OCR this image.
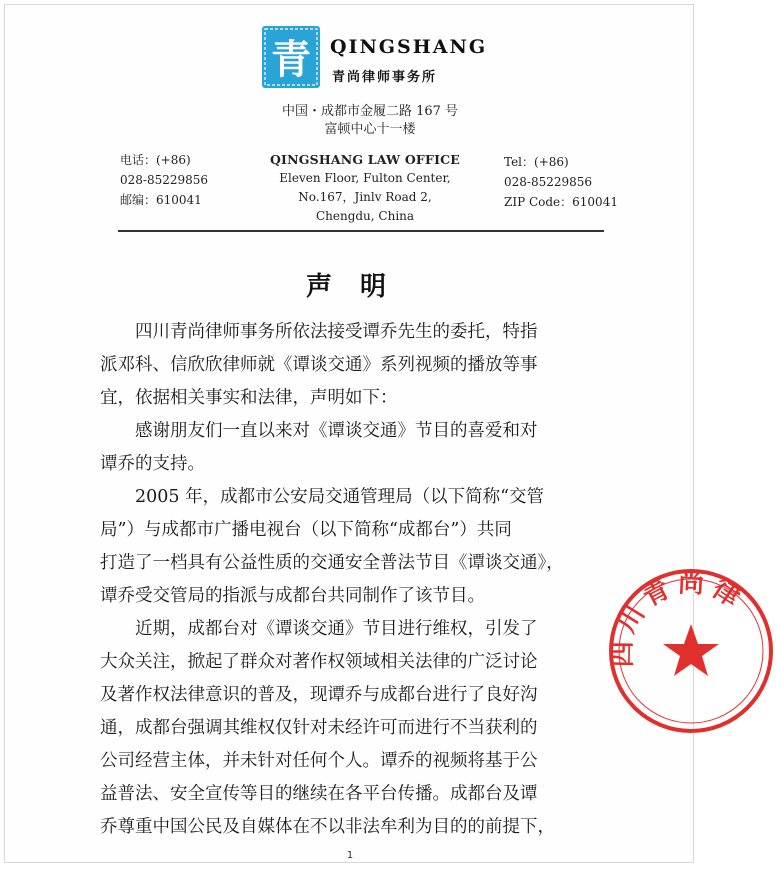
青 QINGSHANG
青尚律师事务所
中国・成都市金履二路 167 号
富顿中心十一楼
电话：(+86)
028-85229856
邮编：610041
QINGSHANG LAW OFFICE
Eleven Floor, Fulton Center,
No.167，Jinlv Road 2,
Chengdu, China
Tel：(+86)
028-85229856
ZIP Code：610041
声明
四川青尚律师事务所依法接受谭乔先生的委托，特指
派邓科、信欣欣律师就《谭谈交通》系列视频的播放等事
宜，依据相关事实和法律，声明如下：
感谢朋友们一直以来对《谭谈交通》节目的喜爱和对
谭乔的支持。
2005 年，成都市公安局交通管理局（以下简称“交管
局”）与成都市广播电视台（以下简称“成都台”）共同
打造了一档具有公益性质的交通安全普法节目《谭谈交通》，
谭乔受交管局的指派与成都台共同制作了该节目。
近期，成都台对《谭谈交通》节目进行维权，引发了
大众关注，掀起了群众对著作权领域相关法律的广泛讨论
及著作权法律意识的普及，现谭乔与成都台进行了良好沟
通，成都台强调其维权仅针对未经许可而进行不当获利的
公司经营主体，并未针对任何个人。谭乔的视频将基于公
益普法、安全宣传等目的继续在各平台传播。成都台及谭
乔尊重中国公民及自媒体在不以非法牟利为目的的前提下，
四川青尚律
1
